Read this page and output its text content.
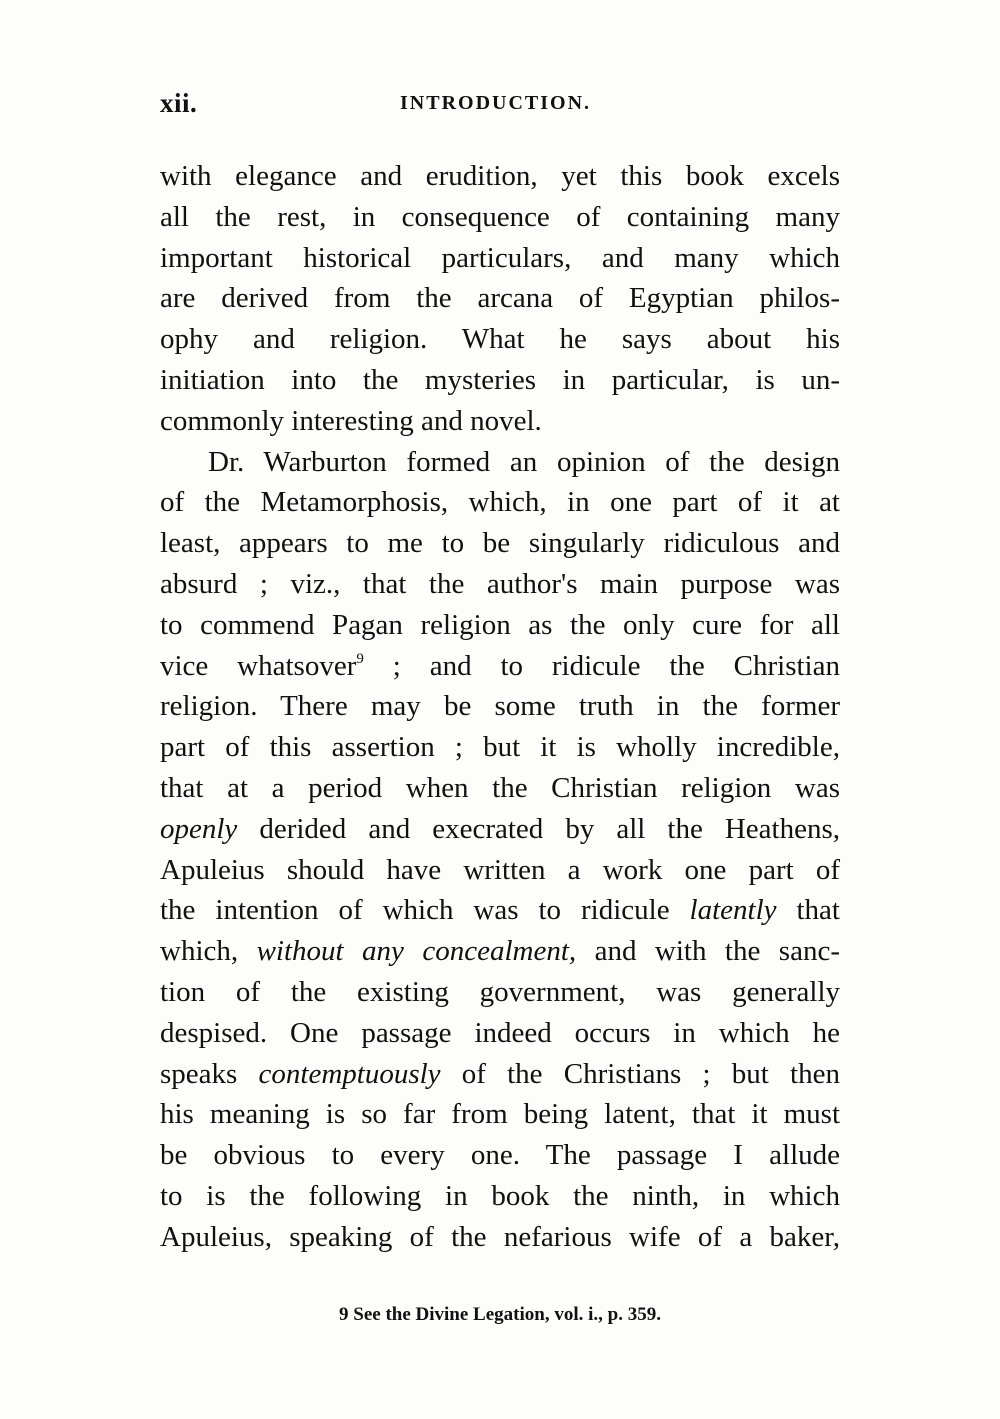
xii.	INTRODUCTION.
with elegance and erudition, yet this book excels
all the rest, in consequence of containing many
important historical particulars, and many which
are derived from the arcana of Egyptian philos-
ophy and religion. What he says about his
initiation into the mysteries in particular, is un-
commonly interesting and novel.
Dr. Warburton formed an opinion of the design
of the Metamorphosis, which, in one part of it at
least, appears to me to be singularly ridiculous and
absurd ; viz., that the author's main purpose was
to commend Pagan religion as the only cure for all
vice whatsover$^9$ ; and to ridicule the Christian
religion. There may be some truth in the former
part of this assertion ; but it is wholly incredible,
that at a period when the Christian religion was
openly derided and execrated by all the Heathens,
Apuleius should have written a work one part of
the intention of which was to ridicule latently that
which, without any concealment, and with the sanc-
tion of the existing government, was generally
despised. One passage indeed occurs in which he
speaks contemptuously of the Christians ; but then
his meaning is so far from being latent, that it must
be obvious to every one. The passage I allude
to is the following in book the ninth, in which
Apuleius, speaking of the nefarious wife of a baker,
9 See the Divine Legation, vol. i., p. 359.
